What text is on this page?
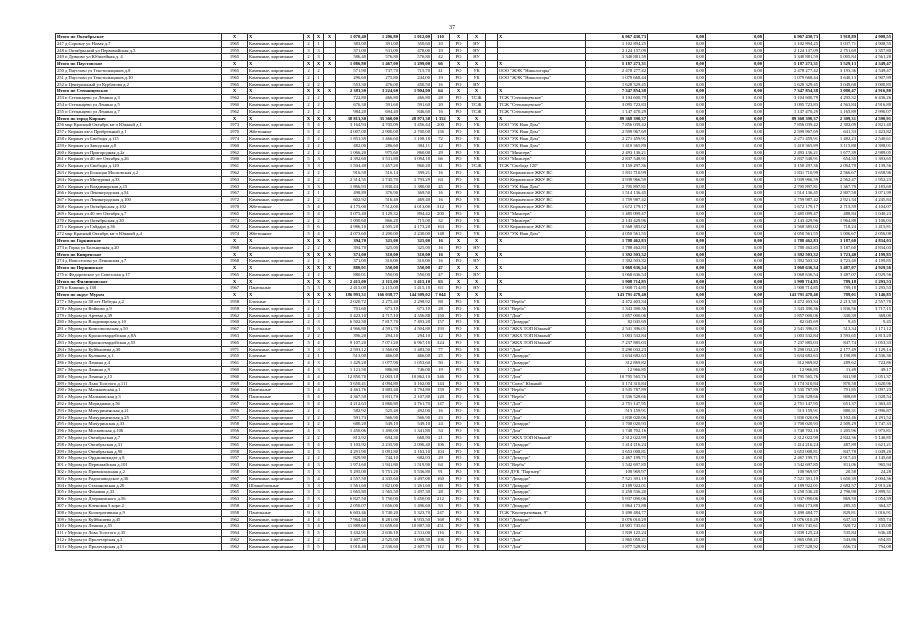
37
Итого по Октябрьское	X	X	X	X	X	1 070,40	1 206,80	1 012,00	110	X	X		X	6 967 430,73	0,00	0,00	6 967 430,73	3 918,89	4 908,55
247 д Сорокоу ул Новая д.7	1965	Каменные, кирпичные	2	1		383,00	391,00	350,60	10	РО	НУ			1 102 894,25	0,00	0,00	1 102 894,25	3 037,71	4 908,55
248 п Октябрьский ул Первомайская д.3	1955	Каменные, кирпичные	3	3		371,00	531,00	478,00	19	РО	НУ			2 124 137,09	0,00	0,00	2 124 137,09	2 751,69	3 357,80
249 п Дувково ул Юбилейная д. 4	1965	Каменные, кирпичные	2	3		586,40	576,80	576,80	42	РО	НУ			3 340 881,59	0,00	0,00	3 340 881,59	5 005,84	4 561,28
Итого по Паустовское	X	X	X	X	X	1 086,80	1 467,00	1 299,00	66	X	X		X	5 187 273,31	0,00	0,00	5 187 273,31	3 529,13	4 549,47
250 д Паустово ул Текстильщиков д.8	1965	Каменные, кирпичные	2	2		571,90	737,70	715,70	41	РО	УК		ООО "ЖЭК "Никологоры"	2 478 277,42	0,00	0,00	2 478 277,42	3 193,36	4 549,47
251 д Паустово ул Текстильщиков д.10	1965	Каменные, кирпичные	2	1		296,60	275,80	244,00	19	РО	УК		ООО "ЖЭК "Никологоры"	1 079 668,44	0,00	0,00	1 079 668,44	3 640,13	4 907,99
252 п Центральный ул Курбатова д.2	1965	Каменные, кирпичные	2	2		553,30	476,00	450,50	16	РО	НУ			1 628 329,45	0,00	0,00	1 628 329,45	3 049,68	3 000,85
Итого по Степанцевское	X	X	X	X	X	2 383,30	3 224,60	1 904,00	64	X	X		X	7 347 854,38	0,00	0,00	7 347 854,38	3 080,47	4 916,80
253 п Степанцево ул Ленина д.3	1962	Каменные, кирпичные	2	2		722,80	466,80	466,80	28	РО	ТСЖ		ТСЖ "Степанцевское"	3 104 600,79	0,00	0,00	3 104 600,79	4 295,32	6 436,26
254 п Степанцево ул Ленина д.5	1960	Каменные, кирпичные	2	2		676,30	591,60	591,60	20	РО	ТСЖ		ТСЖ "Степанцевское"	3 095 723,83	0,00	0,00	3 095 723,83	4 563,84	4 916,80
255 п Степанцево ул Ленина д.7	1962	Каменные, кирпичные	2	2		984,20	694,40	846,60	16	РО	ТСЖ		ТСЖ "Степанцевское"	1 147 470,29	0,00	0,00	1 147 470,29	1 165,89	2 990,07
Итого по город Киржач	X	X	X	X	X	38 813,30	35 360,00	28 973,30	1 352	X	X		X	89 368 390,37	0,00	0,00	89 368 390,37	2 309,31	4 590,91
256 мкр Красный Октябрь кв-л Южный д.1	1973	Каменные, кирпичные	5	4		3 164,93	4 705,09	3 456,44	200	РО	УК		ООО "УК Наш Дом"	7 856 039,42	0,00	0,00	7 856 039,42	2 382,09	4 821,40
257 г Киржач кв-л Прибрежный д.1	1970	Жбетонные	5	4		4 007,00	2 900,00	2 700,00	156	РО	УК		ООО "УК Наш Дом"	2 599 967,69	0,00	0,00	2 599 967,69	641,33	1 423,82
258 г Киржач ул Свободы д.115	1974	Каменные, кирпичные	5	2		1 851,39	1 466,60	1 108,18	72	РО	УК		ООО "УК Наш Дом"	2 271 459,91	0,00	0,00	2 271 459,91	1 482,23	2 540,61
259 г Киржач ул Заводская д.8	1960	Каменные, кирпичные	2	2		482,00	286,60	304,11	12	РО	УК		ООО "УК Наш Дом"	1 410 365,89	0,00	0,00	1 410 365,89	3 115,88	4 398,01
260 г Киржач ул Пригородная д.2а	1962	Каменные, кирпичные	2	2		1 066,20	975,60	860,00	29	РО	УК		ООО "Минсерв"	2 493 136,21	0,00	0,00	2 493 136,21	1 677,39	2 989,05
261 г Киржач ул 40 лет Октября д.26	1980	Каменные, кирпичные	5	3		4 392,60	3 531,80	3 094,10	66	РО	УК		ООО "Минсерв"	2 837 548,91	0,00	0,00	2 837 548,91	654,35	1 393,65
262 г Киржач ул Свободы д.120	1961	Каменные, кирпичные	3	3		1 504,40	1 457,20	860,20	31	РО	ТСЖ		ТСЖ "Свобода 120"	3 150 297,36	0,00	0,00	3 150 297,36	2 094,79	4 139,56
263 г Киржач ул Больщая Московская д.2	1962	Каменные, кирпичные	2	2		916,50	516,14	399,21	16	РО	УК		ООО Киржачское ЖКУ ВС	1 831 710,99	0,00	0,00	1 831 710,99	2 566,67	3 658,96
264 г Киржач ул Мичурина д.33	1963	Каменные, кирпичные	4	2		2 314,35	1 745,70	1 793,29	64	РО	УК		ООО Киржачское ЖКУ ВС	3 939 966,59	0,00	0,00	3 939 966,59	2 562,47	1 952,23
265 г Киржач ул Владимирская д.15	1963	Каменные, кирпичные	3	3		1 866,93	1 830,44	1 380,00	45	РО	УК		ООО "УК Наш Дом"	2 705 897,81	0,00	0,00	2 705 897,81	1 367,79	2 183,60
266 г Киржач ул Ленинградская д.54	1967	Каменные, кирпичные	2	1		498,89	376,90	369,50	16	РО	УК		ООО Киржачское ЖКУ ВС	1 514 136,45	0,00	0,00	1 514 136,45	2 807,58	3 071,99
267 г Киржач ул Ленинградская д.100	1972	Каменные, кирпичные	2	2		602,92	516,40	469,40	16	РО	УК		ООО Киржачское ЖКУ ВС	1 759 987,42	0,00	0,00	1 759 987,42	2 921,34	4 245,84
268 г Киржач ул Октябрьская д.102	1970	Жбетонные	5	4		4 175,00	7 512,00	4 013,00	312	РО	УК		ООО Киржачское ЖКУ ВС	1 672 179,17	0,00	0,00	1 672 179,17	2 715,59	4 104,07
269 г Киржач ул 40 лет Октября д.7	1965	Каменные, кирпичные	5	4		3 075,40	3 129,32	894,42	200	РО	УК		ООО "Минсерв"	1 485 099,47	0,00	0,00	1 485 099,47	488,84	1 040,23
270 г Киржач ул Октябрьская д.30	1974	Каменные, кирпичные	2	2		1 090,60	866,20	715,00	32	РО	УК		ООО "Минсерв"	2 143 429,96	0,00	0,00	2 143 429,96	1 964,88	3 106,03
271 г Киржач ул Гайдара д.36	1962	Каменные, кирпичные	5	6		4 986,10	4 505,20	4 173,20	163	РО	УК		ООО Киржачское ЖКУ ВС	3 568 385,02	0,00	0,00	3 568 385,02	718,24	1 415,81
272 мкр Красный Октябрь кв-л Южный д.4	1974	Жбетонные	5	4		4 073,60	2 200,00	2 230,00	148	РО	УК		ООО "УК Наш Дом"	4 050 561,55	0,00	0,00	4 050 561,55	1 006,67	2 056,08
Итого по Горкинское	X	X	X	X	X	394,70	325,00	325,00	16	X	X		X	1 788 462,83	0,00	0,00	1 788 462,83	3 187,60	4 834,03
273 п Горка ул Больничная д.20	1968	Каменные, кирпичные	2	2		394,70	325,00	325,00	16	РО	НУ			1 788 462,83	0,00	0,00	1 788 462,83	3 187,60	4 834,03
Итого по Кипревское	X	X	X	X	X	371,00	310,00	310,00	16	X	X		X	1 392 503,32	0,00	0,00	1 392 503,32	3 723,40	4 199,85
274 д Новоселово ул Ленинская д.7	1968	Каменные, кирпичные	2	2		371,00	310,00	310,00	16	РО	НУ			1 392 503,32	0,00	0,00	1 392 503,32	3 723,40	4 199,85
Итого по Першинское	X	X	X	X	X	880,01	550,00	550,00	47	X	X		X	3 068 636,54	0,00	0,00	3 068 636,54	3 487,07	4 929,56
275 п Федоровское ул Советская д.17	1965	Каменные, кирпичные	2	2		880,01	550,00	550,00	47	РО	НУ			3 068 636,54	0,00	0,00	3 068 636,54	3 487,07	4 929,56
Итого по Филипповское	X	X	X	X	X	2 415,00	2 115,00	1 415,10	63	X	X		X	1 908 714,85	0,00	0,00	1 908 714,85	789,18	1 293,53
276 п Кашино д.138	1967	Панельные	5	3		2 415,00	2 115,00	1 415,10	63	РО	НУ			1 908 714,85	0,00	0,00	1 908 714,85	789,18	1 293,53
Итого по округ Муром	X	X	X	X	X	186 993,31	166 038,77	144 309,02	7 044	X	X		X	143 791 478,40	0,00	0,00	143 791 478,40	789,01	5 146,85
277 г Муром ул 30 лет Победы д.2	1958	Блочные	3	2		2 020,72	2 275,40	2 298,92	88	РО	УК		ООО "Верба"	4 472 403,34	0,00	0,00	4 472 403,34	2 213,30	2 557,70
278 г Муром ул Войкова д.9	1958	Каменные, кирпичные	2	1		701,60	671,10	671,10	28	РО	УК		ООО "Верба"	1 343 390,36	0,00	0,00	1 343 390,36	1 836,56	3 717,15
279 г Муром ул Артема д.39	1962	Каменные, кирпичные	4	2		5 423,10	4 717,10	4 356,88	150	РО	УК		ООО "Дом"	1 857 000,06	0,00	0,00	1 857 000,06	330,39	369,00
280 г Муром ул Владимирская д.10	1960	Каменные, кирпичные	2	3		6 502,30	7 817,70	7 493,20	157	РО	УК		ООО "Дизарди"	82 045,69	0,00	0,00	82 045,69	9,45	9,45
281 г Муром ул Комсомольская д.50	1967	Панельные	9	3		4 966,80	4 591,70	4 504,80	193	РО	УК		ООО "ЖКХ ТОП Южный"	2 541 396,01	0,00	0,00	2 541 396,01	513,34	1 171,12
282 г Муром ул Красногвардейская д.8А	1963	Каменные, кирпичные	2	2		396,20	294,10	294,10	12	РО	УК		ООО "ЖКХ ТОП Южный"	1 003 532,84	0,00	0,00	1 003 532,84	3 593,65	4 813,20
283 г Муром ул Красногвардейская д.55	1965	Каменные, кирпичные	5	4		9 107,20	7 071,20	6 967,10	324	РО	УК		ООО "ЖКХ ТОП Южный"	7 237 885,03	0,00	0,00	7 237 885,03	847,74	1 053,33
284 г Муром ул Куйбышева д.30	1971	Каменные, кирпичные	3	3		2 593,12	1 560,00	1 483,50	77	РО	УК		ООО "Дом"	5 290 032,23	0,00	0,00	5 290 032,23	2 177,49	3 129,14
285 г Муром ул Куликова д.1	1955	Блочные	2	1		513,00	466,00	466,00	25	РО	УК		ООО "Дизарди"	1 634 682,63	0,00	0,00	1 634 682,63	3 190,89	4 536,36
286 г Муром ул Ленина д.4	1961	Каменные, кирпичные	4	3		1 429,20	1 077,90	1 053,60	50	РО	УК		ООО "Дизарди"	312 869,82	0,00	0,00	312 869,82	289,62	722,86
287 г Муром ул Ленина д.9	1960	Каменные, кирпичные	4	3		1 121,50	886,80	746,00	19	РО	УК		ООО "Дом"	12 966,85	0,00	0,00	12 966,85	11,49	49,17
288 г Муром ул Ленина д.15	1960	Каменные, кирпичные	4	4		12 850,70	12 003,10	10 862,10	346	РО	УК		ООО "Дом"	10 795 565,76	0,00	0,00	10 795 565,76	841,98	1 051,37
289 г Муром ул Льва Толстого д.111	1969	Каменные, кирпичные	4	4		3 650,41	4 094,80	3 162,00	144	РО	УК		ООО "Союз" Южный	3 174 310,84	0,00	0,00	3 174 310,84	870,58	1 620,96
290 г Муром ул Мальковская д.1	1966	Панельные	5	4		4 461,76	3 883,40	3 794,80	159	РО	УК		ООО "Верба"	3 535 787,89	0,00	0,00	3 535 787,89	791,85	1 097,23
291 г Муром ул Мальковская д.3	1966	Панельные	5	4		4 367,50	3 831,70	2 107,80	120	РО	УК		ООО "Верба"	3 536 528,66	0,00	0,00	3 536 528,66	808,69	1 028,54
292 г Муром ул Меридиана д.56	1967	Каменные, кирпичные	5	4		4 212,63	3 860,80	3 761,70	147	РО	УК		ООО "Дом"	2 751 147,95	0,00	0,00	2 751 147,95	651,37	1 363,45
293 г Муром ул Мичуриненская д.21	1956	Каменные, кирпичные	2	2		582,92	525,40	492,00	16	РО	УК		ООО "Дом"	513 159,91	0,00	0,00	513 159,91	880,31	2 996,87
294 г Муром ул Мичуриненская д.25	1957	Каменные, кирпичные	2	2		591,73	566,90	566,90	23	РО	УК		ООО "Дом"	1 830 020,06	0,00	0,00	1 830 020,06	3 102,46	4 291,52
295 г Муром ул Мичуринская д.33	1958	Каменные, кирпичные	2	2		680,20	549,10	549,10	24	РО	УК		ООО "Дизарди"	1 708 020,93	0,00	0,00	1 708 020,93	2 509,29	3 747,33
296 г Муром ул Московская д.106	1956	Каменные, кирпичные	4	3		1 450,06	1 490,00	1 341,80	54	РО	УК		ООО "Дом"	1 748 702,16	0,00	0,00	1 748 702,16	1 205,96	1 975,81
297 г Муром ул Октябрьская д.7	1962	Каменные, кирпичные	2	2		813,92	694,30	668,90	21	РО	УК		ООО "ЖКХ ТОП Южный"	2 312 022,99	0,00	0,00	2 312 022,99	2 842,36	5 146,85
298 г Муром ул Октябрьская д.31	1965	Каменные, кирпичные	5	4		3 103,92	2 235,90	2 096,40	106	РО	УК		ООО "Дизарди"	1 414 216,24	0,00	0,00	1 414 216,24	487,89	1 621,21
299 г Муром ул Октябрьская д.90	1958	Каменные, кирпичные	4	3		4 291,90	5 091,80	3 163,10	104	РО	УК		ООО "Дом"	3 653 008,81	0,00	0,00	3 653 008,81	847,78	1 049,20
300 г Муром ул Орджоникидзе д.8	1957	Каменные, кирпичные	2	2		829,90	744,10	682,03	29	РО	УК		ООО "Дизарди"	2 467 199,71	0,00	0,00	2 467 199,71	2 917,43	4 145,60
301 г Муром ул Первомайская д.101	1963	Каменные, кирпичные	4	3		1 971,60	1 941,80	1 519,90	64	РО	УК		ООО "Верба"	1 542 697,85	0,00	0,00	1 542 697,85	811,06	965,94
302 г Муром ул Привокзальная д.2	1958	Каменные, кирпичные	3	3		5 295,00	5 751,20	5 536,80	91	РО	УК		ООО ДУК "Партнер"	108 969,97	0,00	0,00	108 969,97	20,58	24,28
303 г Муром ул Радиозаводское д.36	1967	Каменные, кирпичные	5	4		4 557,50	4 335,60	3 497,00	160	РО	УК		ООО "Дизарди"	7 521 391,19	0,00	0,00	7 521 391,19	1 650,39	2 004,36
304 г Муром ул Стахановская д.20	1965	Шлакоблочные	3	3		1 561,60	1 821,00	1 261,60	60	РО	УК		ООО "Дизарди"	4 189 922,01	0,00	0,00	4 189 922,01	2 682,57	2 915,26
305 г Муром ул Фонавая д.33	1965	Каменные, кирпичные	3	3		1 665,80	1 565,50	1 497,30	28	РО	УК		ООО "Дизарди"	5 258 536,20	0,00	0,00	5 258 536,20	2 796,98	2 899,51
306 г Муром ул Дзержинского д.56	1963	Каменные, кирпичные	5	3		6 827,50	5 750,00	5 450,00	212	РО	УК		ООО "Дизарди"	5 937 090,06	0,00	0,00	5 937 090,06	869,59	1 054,39
307 г Муром ул Кленовая 3 корп.2	1958	Каменные, кирпичные	2	2		2 050,07	1 656,00	1 496,60	53	РО	УК		ООО "Дизарди"	1 864 173,88	0,00	0,00	1 864 173,88	285,35	364,37
308 г Муром ул Кооперативная д.9	1958	Панельные	9	3		6 603,46	5 740,20	5 323,70	247	РО	УК		ТСЖ "Кооперативная, 9"	5 490 484,77	0,00	0,00	5 490 484,77	829,81	1 016,91
309 г Муром ул Куйбышева д.45	1962	Каменные, кирпичные	4	4		7 964,40	8 281,00	6 933,50	168	РО	УК		ООО "Дизарди"	5 076 010,29	0,00	0,00	5 076 010,29	637,33	855,74
310 г Муром ул Ленина д.55	1963	Каменные, кирпичные	5	4		11 889,60	11 658,60	10 887,30	451	РО	УК		ООО "Дом"	10 901 745,61	0,00	0,00	10 901 745,61	920,72	1 135,08
311 г Муром ул Льва Толстого д.35	1964	Каменные, кирпичные	5	5		3 432,91	2 636,10	2 511,00	116	РО	УК		ООО "Дом"	1 839 125,24	0,00	0,00	1 839 125,24	535,84	636,48
312 г Муром ул Пролетарская д.3	1962	Каменные, кирпичные	2	2		3 407,20	2 525,00	3 008,30	106	РО	УК		ООО "Дом"	1 865 058,21	0,00	0,00	1 865 058,21	543,86	654,85
313 г Муром ул Пролетарская д.5	1962	Каменные, кирпичные	5	5		3 010,40	2 530,60	2 407,70	112	РО	УК		ООО "Дом"	1 877 528,92	0,00	0,00	1 877 528,92	656,74	794,08
